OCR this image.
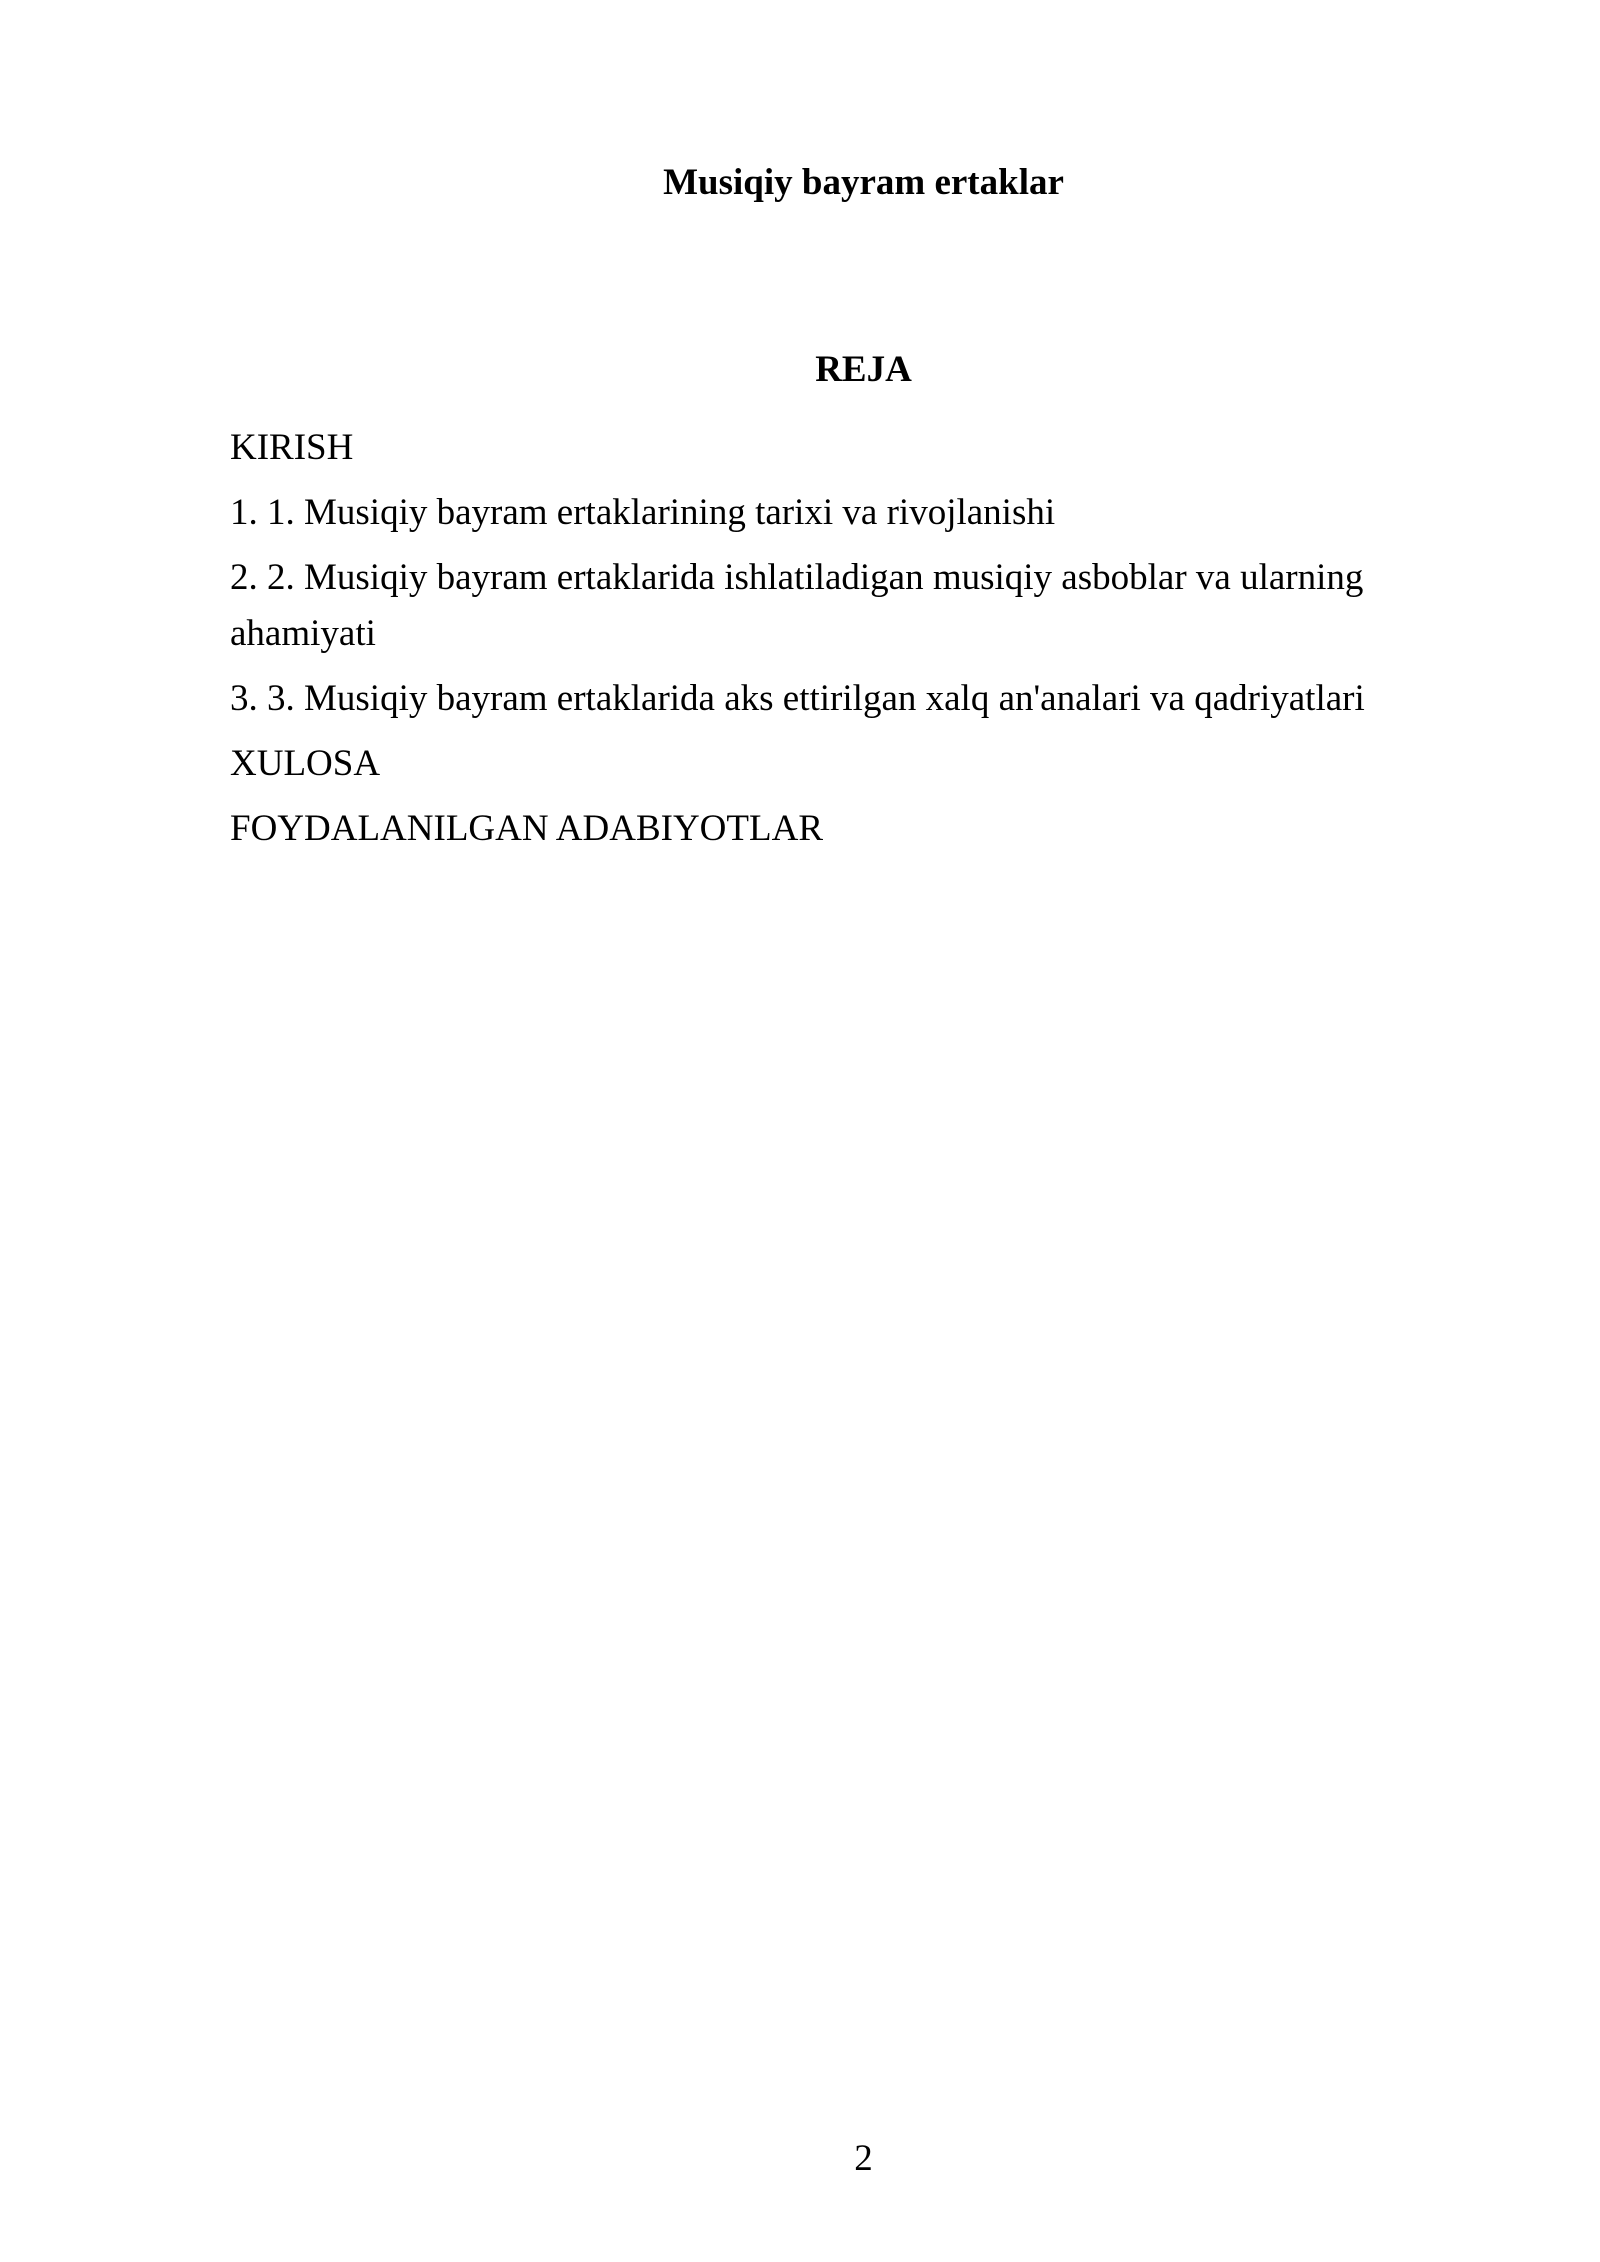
Musiqiy bayram ertaklar
REJA
KIRISH
1. 1. Musiqiy bayram ertaklarining tarixi va rivojlanishi
2. 2. Musiqiy bayram ertaklarida ishlatiladigan musiqiy asboblar va ularning ahamiyati
3. 3. Musiqiy bayram ertaklarida aks ettirilgan xalq an'analari va qadriyatlari
XULOSA
FOYDALANILGAN ADABIYOTLAR
2
